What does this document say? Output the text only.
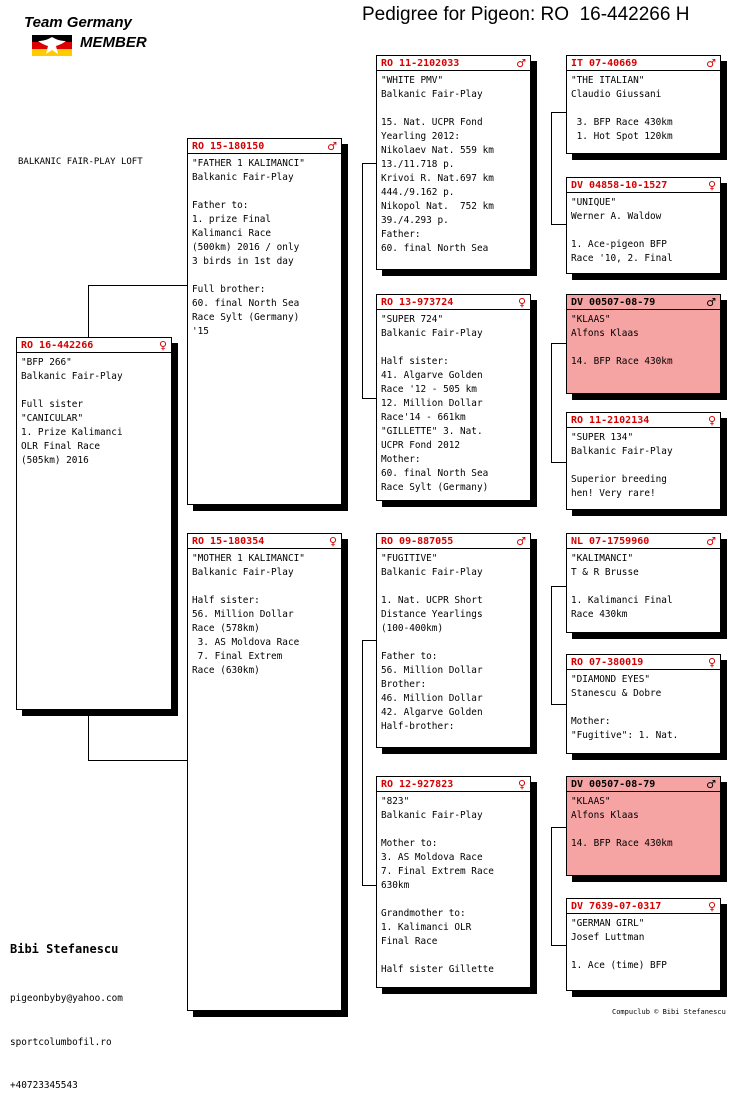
Team Germany
MEMBER
Pedigree for Pigeon: RO  16-442266 H
BALKANIC FAIR-PLAY LOFT
RO 16-442266	♀
"BFP 266"
Balkanic Fair-Play

Full sister
"CANICULAR"
1. Prize Kalimanci
OLR Final Race
(505km) 2016
RO 15-180150	♂
"FATHER 1 KALIMANCI"
Balkanic Fair-Play

Father to:
1. prize Final
Kalimanci Race
(500km) 2016 / only
3 birds in 1st day

Full brother:
60. final North Sea
Race Sylt (Germany)
'15
RO 15-180354	♀
"MOTHER 1 KALIMANCI"
Balkanic Fair-Play

Half sister:
56. Million Dollar
Race (578km)
3. AS Moldova Race
7. Final Extrem
Race (630km)
RO 11-2102033	♂
"WHITE PMV"
Balkanic Fair-Play

15. Nat. UCPR Fond
Yearling 2012:
Nikolaev Nat. 559 km
13./11.718 p.
Krivoi R. Nat.697 km
444./9.162 p.
Nikopol Nat.  752 km
39./4.293 p.
Father:
60. final North Sea
RO 13-973724	♀
"SUPER 724"
Balkanic Fair-Play

Half sister:
41. Algarve Golden
Race '12 - 505 km
12. Million Dollar
Race'14 - 661km
"GILLETTE" 3. Nat.
UCPR Fond 2012
Mother:
60. final North Sea
Race Sylt (Germany)
RO 09-887055	♂
"FUGITIVE"
Balkanic Fair-Play

1. Nat. UCPR Short
Distance Yearlings
(100-400km)

Father to:
56. Million Dollar
Brother:
46. Million Dollar
42. Algarve Golden
Half-brother:
RO 12-927823	♀
"823"
Balkanic Fair-Play

Mother to:
3. AS Moldova Race
7. Final Extrem Race
630km

Grandmother to:
1. Kalimanci OLR
Final Race

Half sister Gillette
IT 07-40669	♂
"THE ITALIAN"
Claudio Giussani

3. BFP Race 430km
1. Hot Spot 120km
DV 04858-10-1527	♀
"UNIQUE"
Werner A. Waldow

1. Ace-pigeon BFP
Race '10, 2. Final
DV 00507-08-79	♂
"KLAAS"
Alfons Klaas

14. BFP Race 430km
RO 11-2102134	♀
"SUPER 134"
Balkanic Fair-Play

Superior breeding
hen! Very rare!
NL 07-1759960	♂
"KALIMANCI"
T & R Brusse

1. Kalimanci Final
Race 430km
RO 07-380019	♀
"DIAMOND EYES"
Stanescu & Dobre

Mother:
"Fugitive": 1. Nat.
DV 00507-08-79	♂
"KLAAS"
Alfons Klaas

14. BFP Race 430km
DV 7639-07-0317	♀
"GERMAN GIRL"
Josef Luttman

1. Ace (time) BFP

Bibi Stefanescu

pigeonbyby@yahoo.com

sportcolumbofil.ro

+40723345543

Compuclub © Bibi Stefanescu
